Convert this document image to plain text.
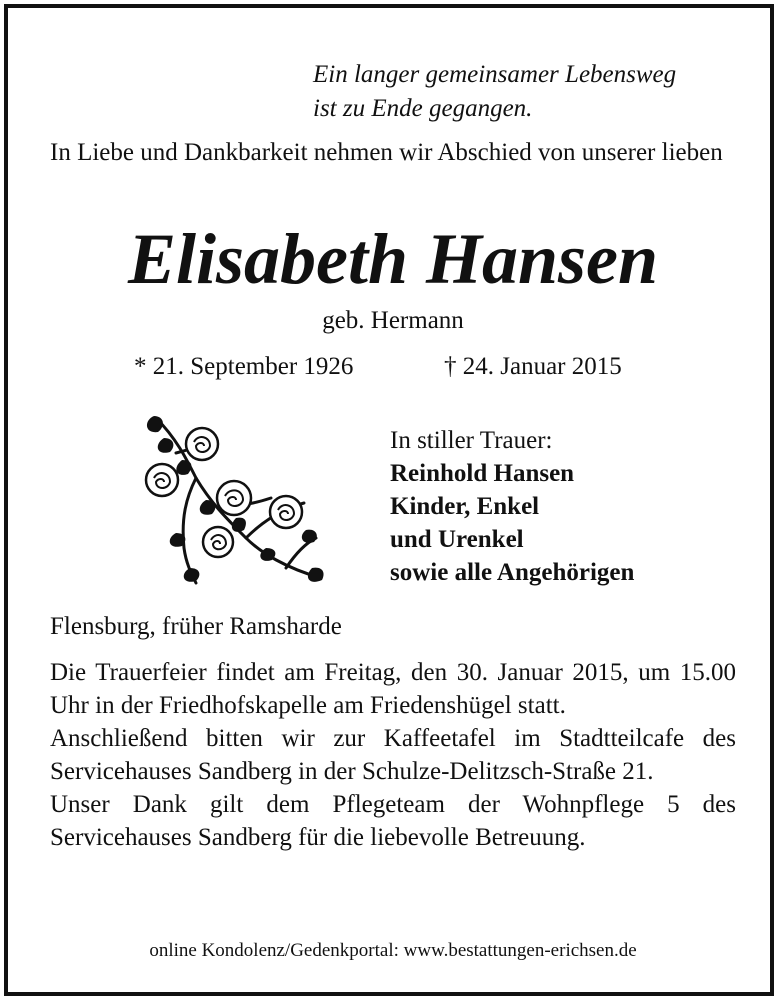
Ein langer gemeinsamer Lebensweg
ist zu Ende gegangen.
In Liebe und Dankbarkeit nehmen wir Abschied von unserer lieben
Elisabeth Hansen
geb. Hermann
* 21. September 1926	† 24. Januar 2015
In stiller Trauer:
Reinhold Hansen
Kinder, Enkel
und Urenkel
sowie alle Angehörigen
Flensburg, früher Ramsharde

Die Trauerfeier findet am Freitag, den 30. Januar 2015, um 15.00 Uhr in der Friedhofskapelle am Friedenshügel statt.

Anschließend bitten wir zur Kaffeetafel im Stadtteilcafe des Servicehauses Sandberg in der Schulze-Delitzsch-Straße 21.

Unser Dank gilt dem Pflegeteam der Wohnpflege 5 des Servicehauses Sandberg für die liebevolle Betreuung.

online Kondolenz/Gedenkportal: www.bestattungen-erichsen.de
